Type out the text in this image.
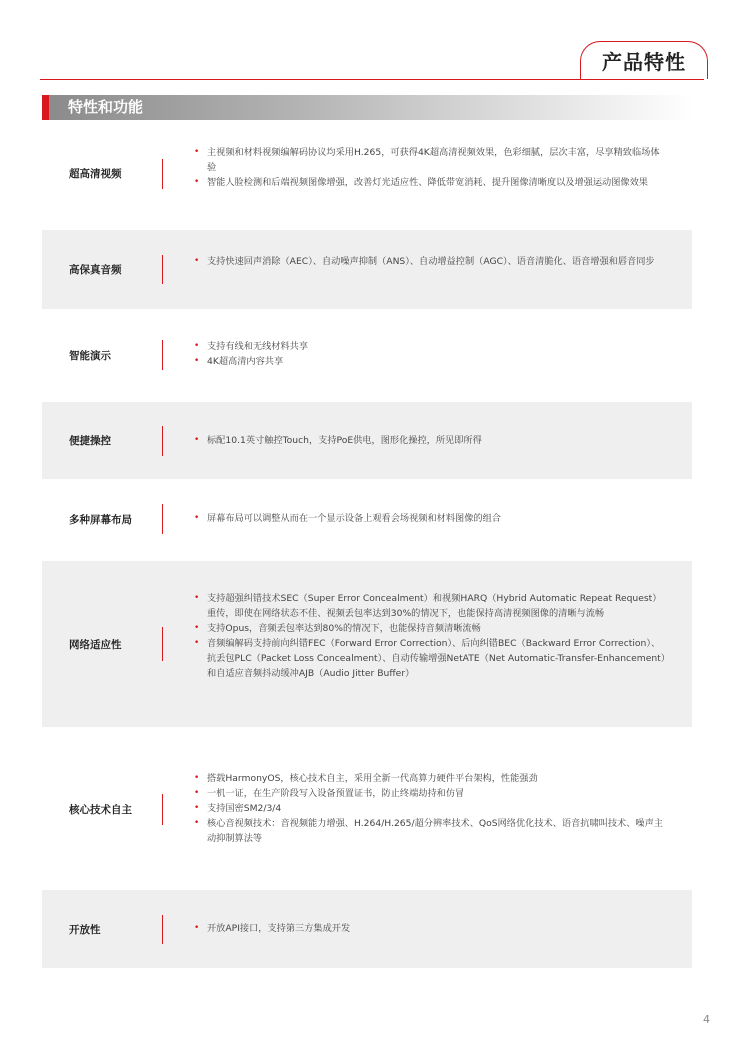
产品特性
特性和功能
超高清视频
• 主视频和材料视频编解码协议均采用H.265，可获得4K超高清视频效果，色彩细腻，层次丰富，尽享精致临场体验
• 智能人脸检测和后端视频图像增强，改善灯光适应性、降低带宽消耗、提升图像清晰度以及增强运动图像效果
高保真音频
• 支持快速回声消除（AEC）、自动噪声抑制（ANS）、自动增益控制（AGC）、语音清脆化、语音增强和唇音同步
智能演示
• 支持有线和无线材料共享
• 4K超高清内容共享
便捷操控	• 标配10.1英寸触控Touch，支持PoE供电，图形化操控，所见即所得
多种屏幕布局	• 屏幕布局可以调整从而在一个显示设备上观看会场视频和材料图像的组合
网络适应性
• 支持超强纠错技术SEC（Super Error Concealment）和视频HARQ（Hybrid Automatic Repeat Request）重传，即使在网络状态不佳、视频丢包率达到30%的情况下，也能保持高清视频图像的清晰与流畅
• 支持Opus，音频丢包率达到80%的情况下，也能保持音频清晰流畅
• 音频编解码支持前向纠错FEC（Forward Error Correction）、后向纠错BEC（Backward Error Correction）、抗丢包PLC（Packet Loss Concealment）、自动传输增强NetATE（Net Automatic-Transfer-Enhancement）和自适应音频抖动缓冲AJB（Audio Jitter Buffer）
核心技术自主
• 搭载HarmonyOS，核心技术自主，采用全新一代高算力硬件平台架构，性能强劲
• 一机一证，在生产阶段写入设备预置证书，防止终端劫持和仿冒
• 支持国密SM2/3/4
• 核心音视频技术：音视频能力增强、H.264/H.265/超分辨率技术、QoS网络优化技术、语音抗啸叫技术、噪声主动抑制算法等
开放性	• 开放API接口，支持第三方集成开发
4
